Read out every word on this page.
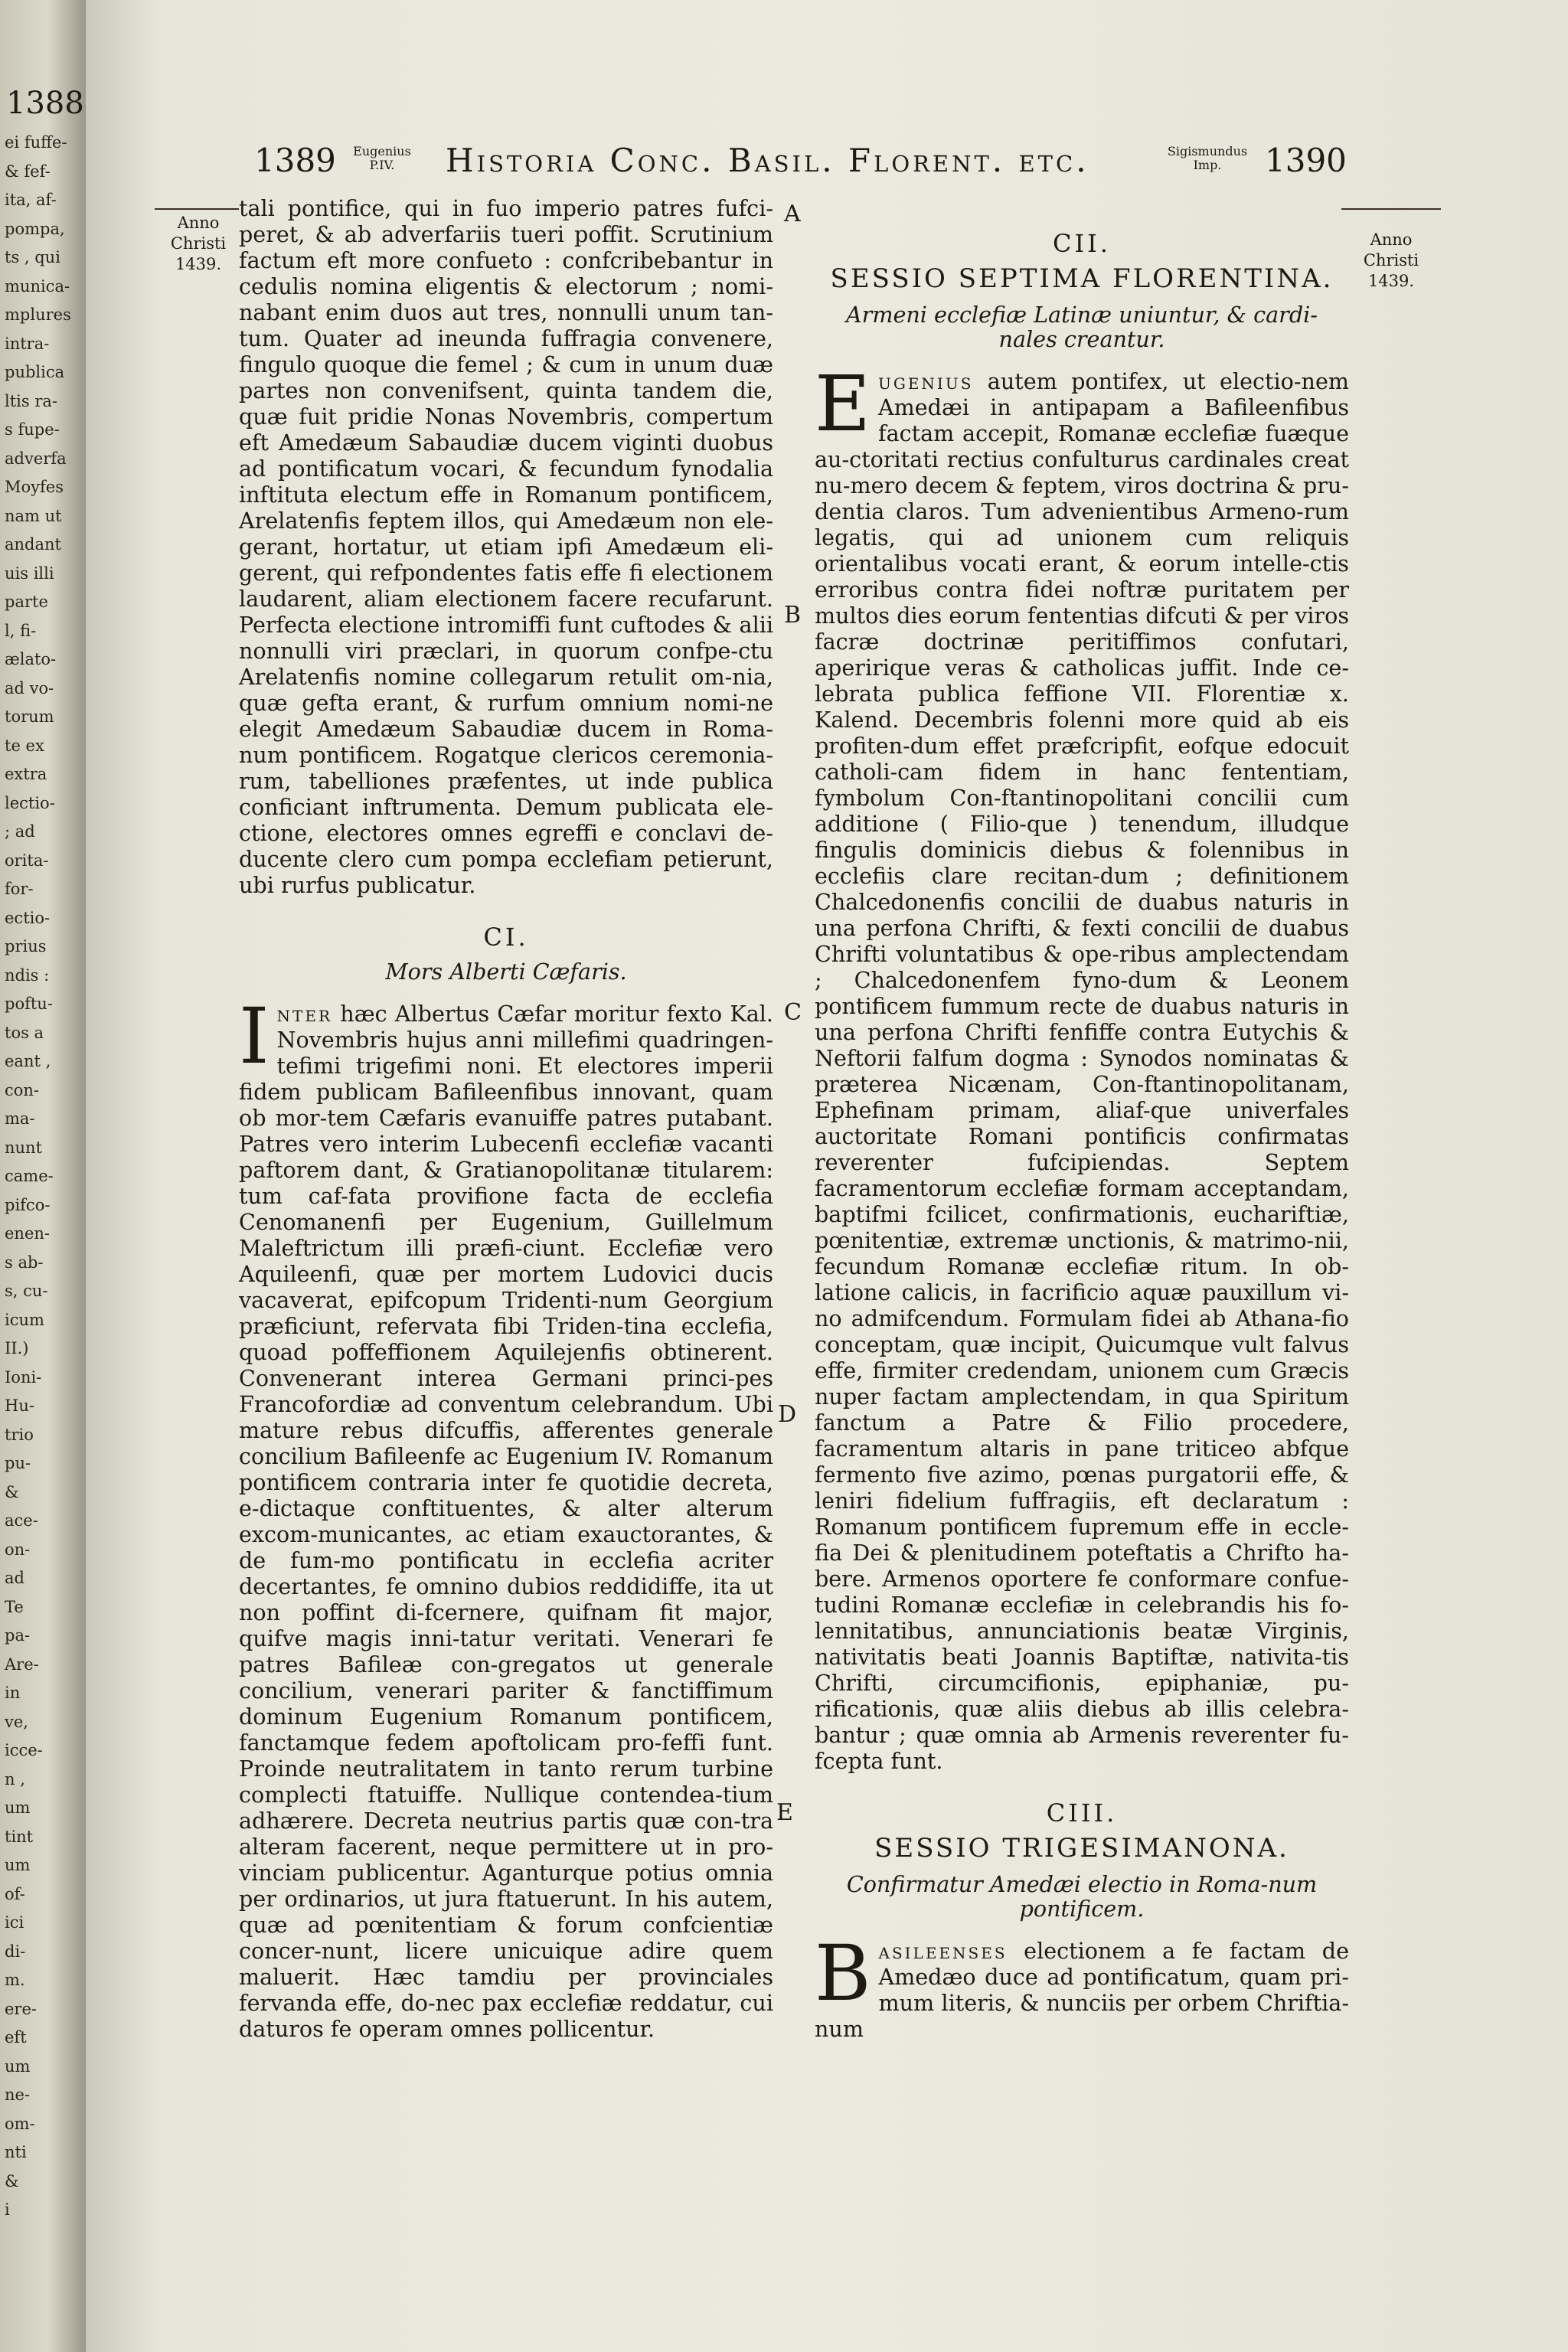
1388
ei fuffe-
& fef-
ita, af-
pompa,
ts , qui
munica-
mplures
intra-
publica
ltis ra-
s fupe-
adverfa
Moyfes
nam ut
andant
uis illi
parte
l, fi-
ælato-
ad vo-
torum
te ex
extra
lectio-
; ad
orita-
for-
ectio-
prius
ndis :
poftu-
tos a
eant ,
con-
ma-
nunt
came-
pifco-
enen-
s ab-
s, cu-
icum
II.)
Ioni-
Hu-
trio
pu-
&
ace-
on-
ad
Te
pa-
Are-
in
ve,
icce-
n ,
um
tint
um
of-
ici
di-
m.
ere-
eft
um
ne-
om-
nti
&
i
1389	Eugenius P.IV.	Historia Conc. Basil. Florent. etc.	Sigismundus Imp.	1390
Anno Christi 1439.
Anno Christi 1439.
A
B
C
D
E

tali pontifice, qui in fuo imperio patres fufci-peret, & ab adverfariis tueri poffit. Scrutinium factum eft more confueto : confcribebantur in cedulis nomina eligentis & electorum ; nomi-nabant enim duos aut tres, nonnulli unum tan-tum. Quater ad ineunda fuffragia convenere, fingulo quoque die femel ; & cum in unum duæ partes non convenifsent, quinta tandem die, quæ fuit pridie Nonas Novembris, compertum eft Amedæum Sabaudiæ ducem viginti duobus ad pontificatum vocari, & fecundum fynodalia inftituta electum effe in Romanum pontificem, Arelatenfis feptem illos, qui Amedæum non ele-gerant, hortatur, ut etiam ipfi Amedæum eli-gerent, qui refpondentes fatis effe fi electionem laudarent, aliam electionem facere recufarunt. Perfecta electione intromiffi funt cuftodes & alii nonnulli viri præclari, in quorum confpe-ctu Arelatenfis nomine collegarum retulit om-nia, quæ gefta erant, & rurfum omnium nomi-ne elegit Amedæum Sabaudiæ ducem in Roma-num pontificem. Rogatque clericos ceremonia-rum, tabelliones præfentes, ut inde publica conficiant inftrumenta. Demum publicata ele-ctione, electores omnes egreffi e conclavi de-ducente clero cum pompa ecclefiam petierunt, ubi rurfus publicatur.

CI.
Mors Alberti Cæfaris.

I nter hæc Albertus Cæfar moritur fexto Kal. Novembris hujus anni millefimi quadringen-tefimi trigefimi noni. Et electores imperii fidem publicam Bafileenfibus innovant, quam ob mor-tem Cæfaris evanuiffe patres putabant. Patres vero interim Lubecenfi ecclefiæ vacanti paftorem dant, & Gratianopolitanæ titularem: tum caf-fata provifione facta de ecclefia Cenomanenfi per Eugenium, Guillelmum Maleftrictum illi præfi-ciunt. Ecclefiæ vero Aquileenfi, quæ per mortem Ludovici ducis vacaverat, epifcopum Tridenti-num Georgium præficiunt, refervata fibi Triden-tina ecclefia, quoad poffeffionem Aquilejenfis obtinerent. Convenerant interea Germani princi-pes Francofordiæ ad conventum celebrandum. Ubi mature rebus difcuffis, afferentes generale concilium Bafileenfe ac Eugenium IV. Romanum pontificem contraria inter fe quotidie decreta, e-dictaque conftituentes, & alter alterum excom-municantes, ac etiam exauctorantes, & de fum-mo pontificatu in ecclefia acriter decertantes, fe omnino dubios reddidiffe, ita ut non poffint di-fcernere, quifnam fit major, quifve magis inni-tatur veritati. Venerari fe patres Bafileæ con-gregatos ut generale concilium, venerari pariter & fanctiffimum dominum Eugenium Romanum pontificem, fanctamque fedem apoftolicam pro-feffi funt. Proinde neutralitatem in tanto rerum turbine complecti ftatuiffe. Nullique contendea-tium adhærere. Decreta neutrius partis quæ con-tra alteram facerent, neque permittere ut in pro-vinciam publicentur. Aganturque potius omnia per ordinarios, ut jura ftatuerunt. In his autem, quæ ad pœnitentiam & forum confcientiæ concer-nunt, licere unicuique adire quem maluerit. Hæc tamdiu per provinciales fervanda effe, do-nec pax ecclefiæ reddatur, cui daturos fe operam omnes pollicentur.

CII.
SESSIO SEPTIMA FLORENTINA.
Armeni ecclefiæ Latinæ uniuntur, & cardi-nales creantur.

E ugenius autem pontifex, ut electio-nem Amedæi in antipapam a Bafileenfibus factam accepit, Romanæ ecclefiæ fuæque au-ctoritati rectius confulturus cardinales creat nu-mero decem & feptem, viros doctrina & pru-dentia claros. Tum advenientibus Armeno-rum legatis, qui ad unionem cum reliquis orientalibus vocati erant, & eorum intelle-ctis erroribus contra fidei noftræ puritatem per multos dies eorum fententias difcuti & per viros facræ doctrinæ peritiffimos confutari, aperirique veras & catholicas juffit. Inde ce-lebrata publica feffione VII. Florentiæ x. Kalend. Decembris folenni more quid ab eis profiten-dum effet præfcripfit, eofque edocuit catholi-cam fidem in hanc fententiam, fymbolum Con-ftantinopolitani concilii cum additione ( Filio-que ) tenendum, illudque fingulis dominicis diebus & folennibus in ecclefiis clare recitan-dum ; definitionem Chalcedonenfis concilii de duabus naturis in una perfona Chrifti, & fexti concilii de duabus Chrifti voluntatibus & ope-ribus amplectendam ; Chalcedonenfem fyno-dum & Leonem pontificem fummum recte de duabus naturis in una perfona Chrifti fenfiffe contra Eutychis & Neftorii falfum dogma : Synodos nominatas & præterea Nicænam, Con-ftantinopolitanam, Ephefinam primam, aliaf-que univerfales auctoritate Romani pontificis confirmatas reverenter fufcipiendas. Septem facramentorum ecclefiæ formam acceptandam, baptifmi fcilicet, confirmationis, euchariftiæ, pœnitentiæ, extremæ unctionis, & matrimo-nii, fecundum Romanæ ecclefiæ ritum. In ob-latione calicis, in facrificio aquæ pauxillum vi-no admifcendum. Formulam fidei ab Athana-fio conceptam, quæ incipit, Quicumque vult falvus effe, firmiter credendam, unionem cum Græcis nuper factam amplectendam, in qua Spiritum fanctum a Patre & Filio procedere, facramentum altaris in pane triticeo abfque fermento five azimo, pœnas purgatorii effe, & leniri fidelium fuffragiis, eft declaratum : Romanum pontificem fupremum effe in eccle-fia Dei & plenitudinem poteftatis a Chrifto ha-bere. Armenos oportere fe conformare confue-tudini Romanæ ecclefiæ in celebrandis his fo-lennitatibus, annunciationis beatæ Virginis, nativitatis beati Joannis Baptiftæ, nativita-tis Chrifti, circumcifionis, epiphaniæ, pu-rificationis, quæ aliis diebus ab illis celebra-bantur ; quæ omnia ab Armenis reverenter fu-fcepta funt.

CIII.
SESSIO TRIGESIMANONA.
Confirmatur Amedæi electio in Roma-num pontificem.

B asileenses electionem a fe factam de Amedæo duce ad pontificatum, quam pri-mum literis, & nunciis per orbem Chriftia-num
